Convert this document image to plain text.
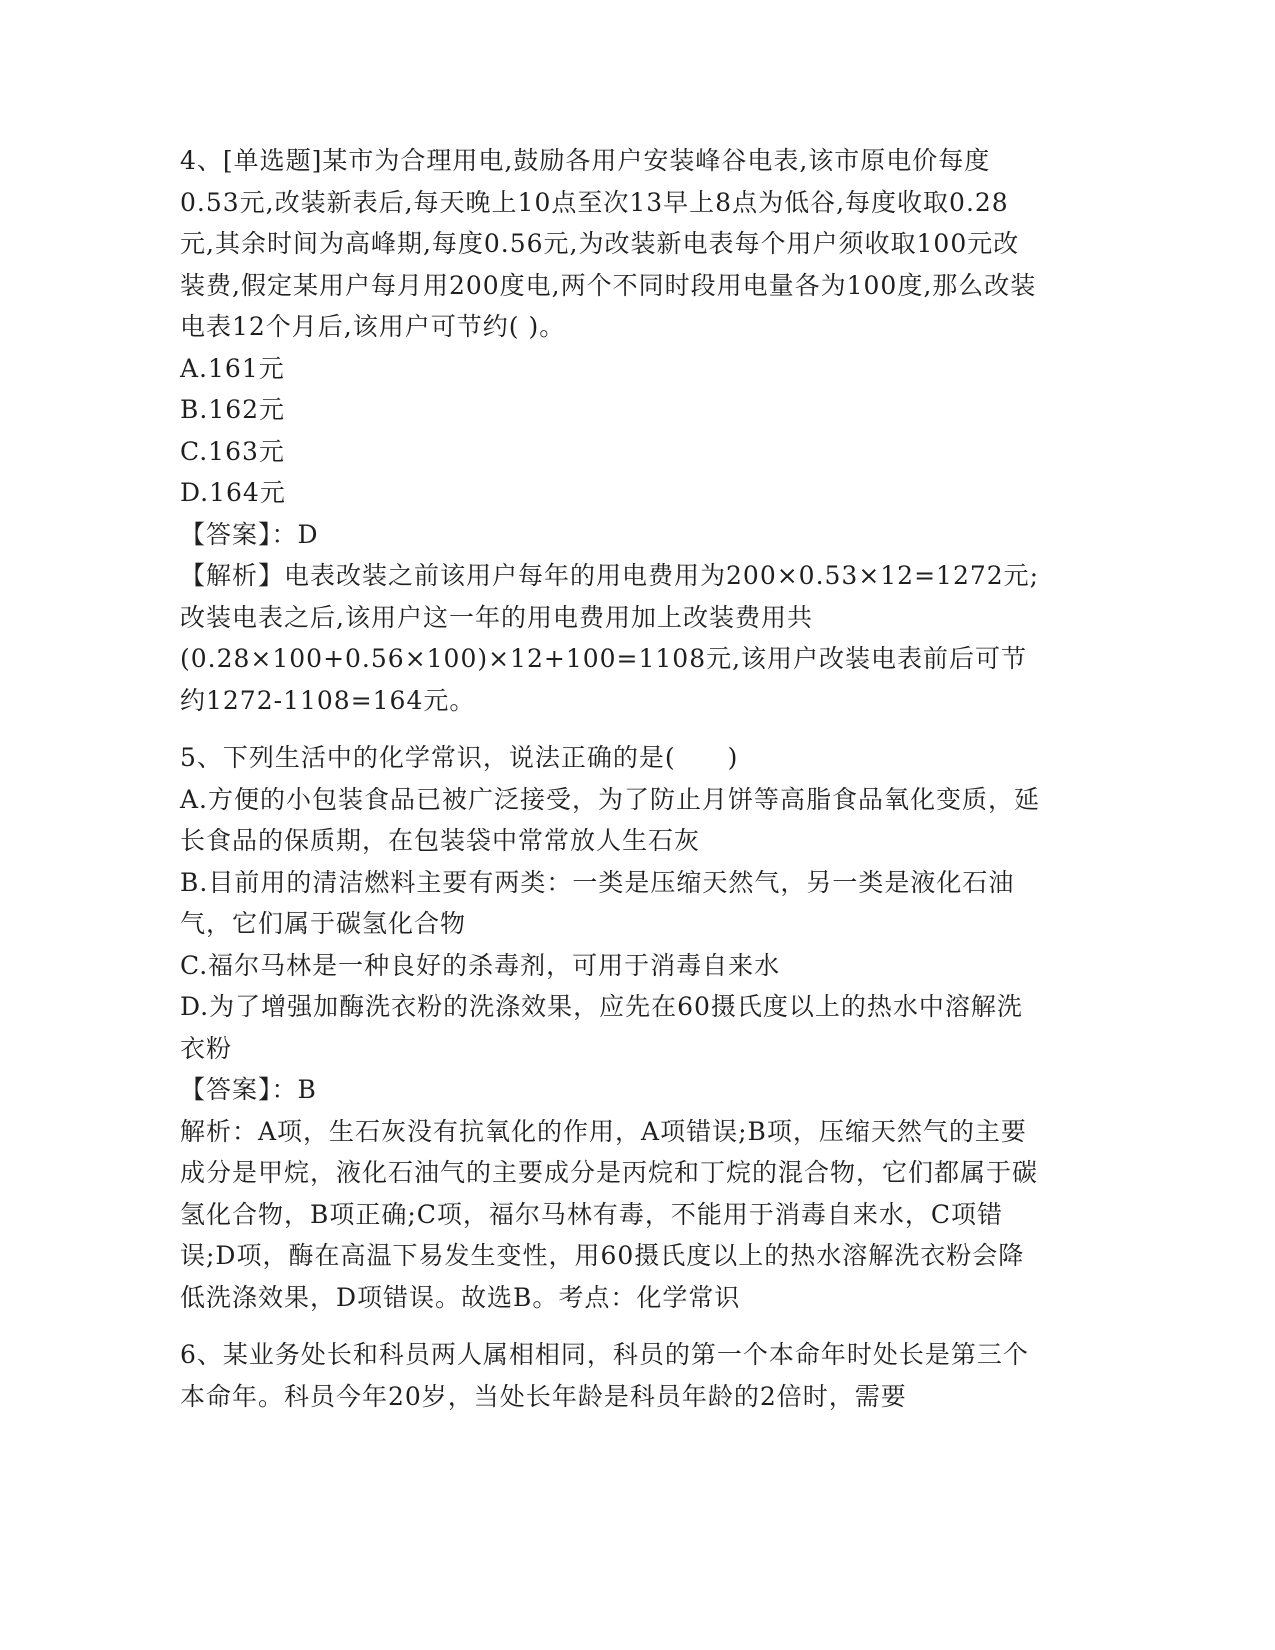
4、[单选题]某市为合理用电,鼓励各用户安装峰谷电表,该市原电价每度0.53元,改装新表后,每天晚上10点至次13早上8点为低谷,每度收取0.28元,其余时间为高峰期,每度0.56元,为改装新电表每个用户须收取100元改装费,假定某用户每月用200度电,两个不同时段用电量各为100度,那么改装电表12个月后,该用户可节约( )。

A.161元

B.162元

C.163元

D.164元

【答案】：D

【解析】电表改装之前该用户每年的用电费用为200×0.53×12=1272元;改装电表之后,该用户这一年的用电费用加上改装费用共(0.28×100+0.56×100)×12+100=1108元,该用户改装电表前后可节约1272-1108=164元。

5、下列生活中的化学常识，说法正确的是(　　)

A.方便的小包装食品已被广泛接受，为了防止月饼等高脂食品氧化变质，延长食品的保质期，在包装袋中常常放人生石灰

B.目前用的清洁燃料主要有两类：一类是压缩天然气，另一类是液化石油气，它们属于碳氢化合物

C.福尔马林是一种良好的杀毒剂，可用于消毒自来水

D.为了增强加酶洗衣粉的洗涤效果，应先在60摄氏度以上的热水中溶解洗衣粉

【答案】：B

解析：A项，生石灰没有抗氧化的作用，A项错误;B项，压缩天然气的主要成分是甲烷，液化石油气的主要成分是丙烷和丁烷的混合物，它们都属于碳氢化合物，B项正确;C项，福尔马林有毒，不能用于消毒自来水，C项错误;D项，酶在高温下易发生变性，用60摄氏度以上的热水溶解洗衣粉会降低洗涤效果，D项错误。故选B。考点：化学常识

6、某业务处长和科员两人属相相同，科员的第一个本命年时处长是第三个本命年。科员今年20岁，当处长年龄是科员年龄的2倍时，需要
